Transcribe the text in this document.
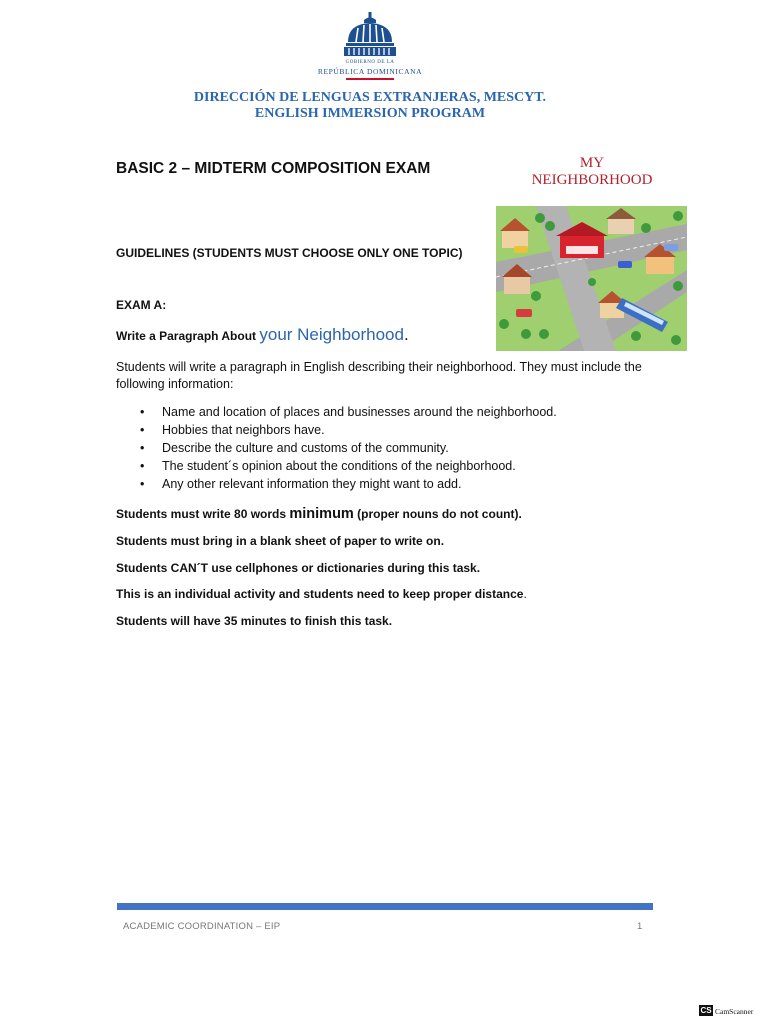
GOBIERNO DE LA
REPÚBLICA DOMINICANA
DIRECCIÓN DE LENGUAS EXTRANJERAS, MESCYT.
ENGLISH IMMERSION PROGRAM
BASIC 2 – MIDTERM COMPOSITION EXAM	MY
NEIGHBORHOOD
GUIDELINES (STUDENTS MUST CHOOSE ONLY ONE TOPIC)
EXAM A:
Write a Paragraph About your Neighborhood.
Students will write a paragraph in English describing their neighborhood. They must include the following information:
• Name and location of places and businesses around the neighborhood.
• Hobbies that neighbors have.
• Describe the culture and customs of the community.
• The student´s opinion about the conditions of the neighborhood.
• Any other relevant information they might want to add.
Students must write 80 words minimum (proper nouns do not count).
Students must bring in a blank sheet of paper to write on.
Students CAN´T use cellphones or dictionaries during this task.
This is an individual activity and students need to keep proper distance.
Students will have 35 minutes to finish this task.
ACADEMIC COORDINATION – EIP	1
CS CamScanner
